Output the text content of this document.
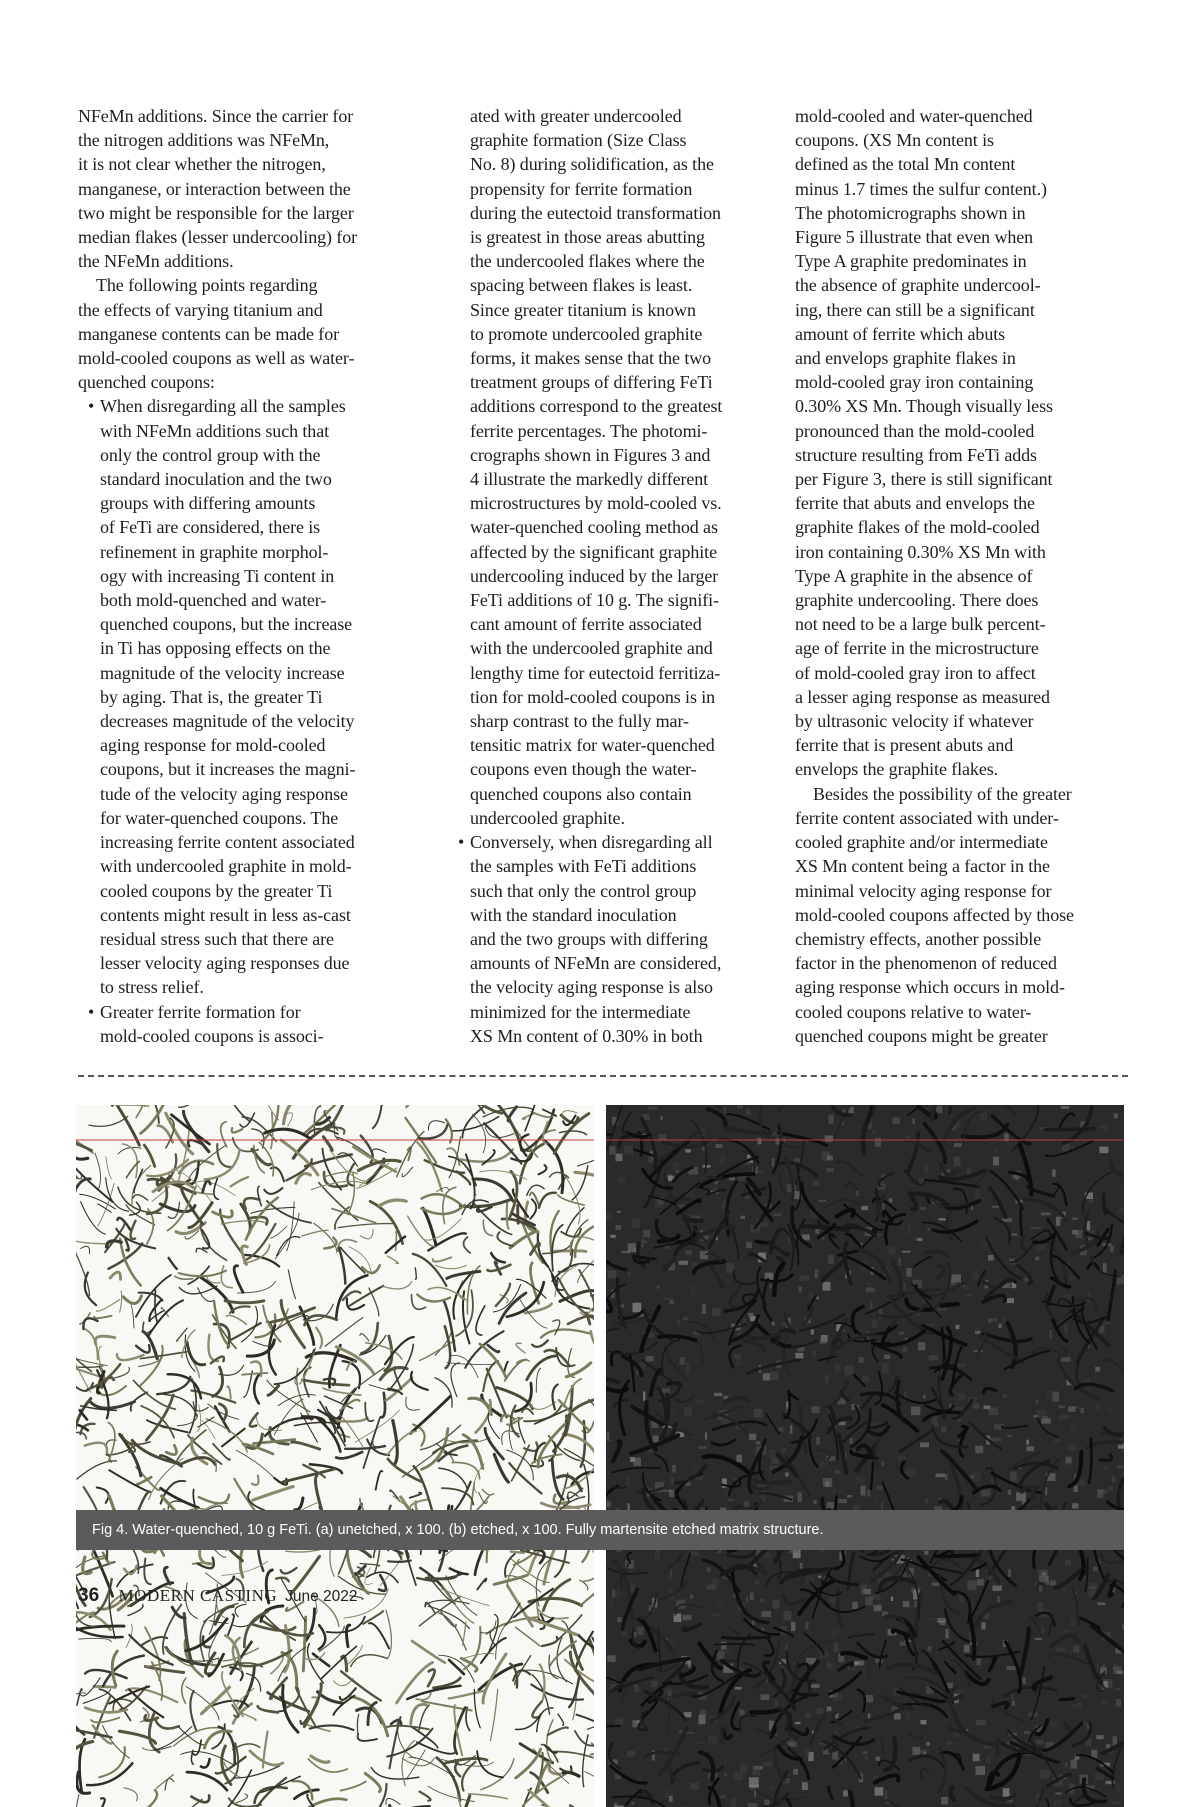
NFeMn additions. Since the carrier for
the nitrogen additions was NFeMn,
it is not clear whether the nitrogen,
manganese, or interaction between the
two might be responsible for the larger
median flakes (lesser undercooling) for
the NFeMn additions.
The following points regarding
the effects of varying titanium and
manganese contents can be made for
mold-cooled coupons as well as water-
quenched coupons:
• When disregarding all the samples
with NFeMn additions such that
only the control group with the
standard inoculation and the two
groups with differing amounts
of FeTi are considered, there is
refinement in graphite morphol-
ogy with increasing Ti content in
both mold-quenched and water-
quenched coupons, but the increase
in Ti has opposing effects on the
magnitude of the velocity increase
by aging. That is, the greater Ti
decreases magnitude of the velocity
aging response for mold-cooled
coupons, but it increases the magni-
tude of the velocity aging response
for water-quenched coupons. The
increasing ferrite content associated
with undercooled graphite in mold-
cooled coupons by the greater Ti
contents might result in less as-cast
residual stress such that there are
lesser velocity aging responses due
to stress relief.
• Greater ferrite formation for
mold-cooled coupons is associ-
ated with greater undercooled
graphite formation (Size Class
No. 8) during solidification, as the
propensity for ferrite formation
during the eutectoid transformation
is greatest in those areas abutting
the undercooled flakes where the
spacing between flakes is least.
Since greater titanium is known
to promote undercooled graphite
forms, it makes sense that the two
treatment groups of differing FeTi
additions correspond to the greatest
ferrite percentages. The photomi-
crographs shown in Figures 3 and
4 illustrate the markedly different
microstructures by mold-cooled vs.
water-quenched cooling method as
affected by the significant graphite
undercooling induced by the larger
FeTi additions of 10 g. The signifi-
cant amount of ferrite associated
with the undercooled graphite and
lengthy time for eutectoid ferritiza-
tion for mold-cooled coupons is in
sharp contrast to the fully mar-
tensitic matrix for water-quenched
coupons even though the water-
quenched coupons also contain
undercooled graphite.
• Conversely, when disregarding all
the samples with FeTi additions
such that only the control group
with the standard inoculation
and the two groups with differing
amounts of NFeMn are considered,
the velocity aging response is also
minimized for the intermediate
XS Mn content of 0.30% in both
mold-cooled and water-quenched
coupons. (XS Mn content is
defined as the total Mn content
minus 1.7 times the sulfur content.)
The photomicrographs shown in
Figure 5 illustrate that even when
Type A graphite predominates in
the absence of graphite undercool-
ing, there can still be a significant
amount of ferrite which abuts
and envelops graphite flakes in
mold-cooled gray iron containing
0.30% XS Mn. Though visually less
pronounced than the mold-cooled
structure resulting from FeTi adds
per Figure 3, there is still significant
ferrite that abuts and envelops the
graphite flakes of the mold-cooled
iron containing 0.30% XS Mn with
Type A graphite in the absence of
graphite undercooling. There does
not need to be a large bulk percent-
age of ferrite in the microstructure
of mold-cooled gray iron to affect
a lesser aging response as measured
by ultrasonic velocity if whatever
ferrite that is present abuts and
envelops the graphite flakes.
Besides the possibility of the greater
ferrite content associated with under-
cooled graphite and/or intermediate
XS Mn content being a factor in the
minimal velocity aging response for
mold-cooled coupons affected by those
chemistry effects, another possible
factor in the phenomenon of reduced
aging response which occurs in mold-
cooled coupons relative to water-
quenched coupons might be greater
Fig 4. Water-quenched, 10 g FeTi. (a) unetched, x 100. (b) etched, x 100. Fully martensite etched matrix structure.
36 | MODERN CASTING June 2022
